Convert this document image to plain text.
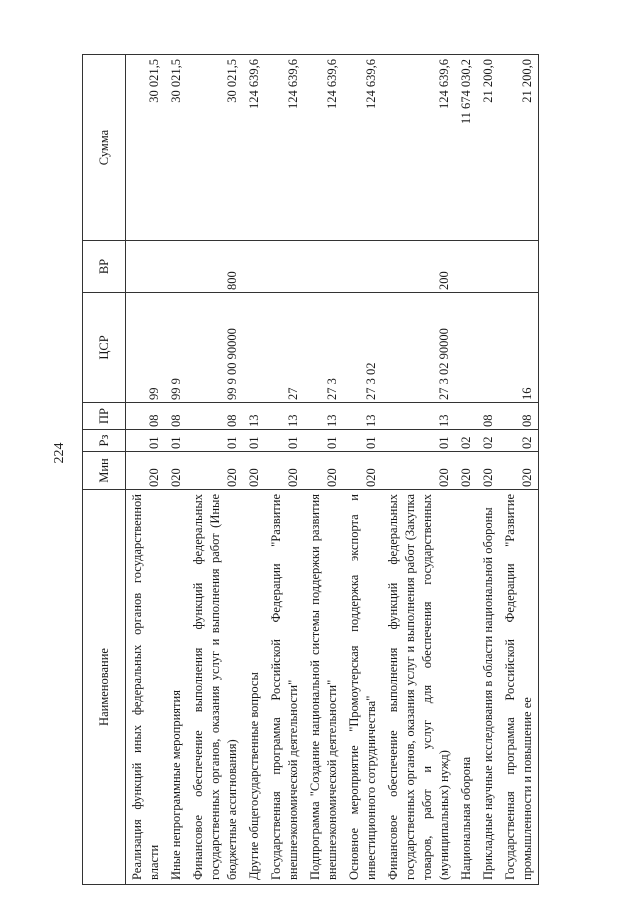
224
Наименование	Мин	Рз	ПР	ЦСР	ВР	Сумма
Реализация функций иных федеральных органов государственной власти	020	01	08	99		30 021,5
Иные непрограммные мероприятия	020	01	08	99 9		30 021,5
Финансовое обеспечение выполнения функций федеральных государственных органов, оказания услуг и выполнения работ (Иные бюджетные ассигнования)	020	01	08	99 9 00 90000	800	30 021,5
Другие общегосударственные вопросы	020	01	13			124 639,6
Государственная программа Российской Федерации "Развитие внешнеэкономической деятельности"	020	01	13	27		124 639,6
Подпрограмма "Создание национальной системы поддержки развития внешнеэкономической деятельности"	020	01	13	27 3		124 639,6
Основное мероприятие "Промоутерская поддержка экспорта и инвестиционного сотрудничества"	020	01	13	27 3 02		124 639,6
Финансовое обеспечение выполнения функций федеральных государственных органов, оказания услуг и выполнения работ (Закупка товаров, работ и услуг для обеспечения государственных (муниципальных) нужд)	020	01	13	27 3 02 90000	200	124 639,6
Национальная оборона	020	02				11 674 030,2
Прикладные научные исследования в области национальной обороны	020	02	08			21 200,0
Государственная программа Российской Федерации "Развитие промышленности и повышение ее	020	02	08	16		21 200,0
